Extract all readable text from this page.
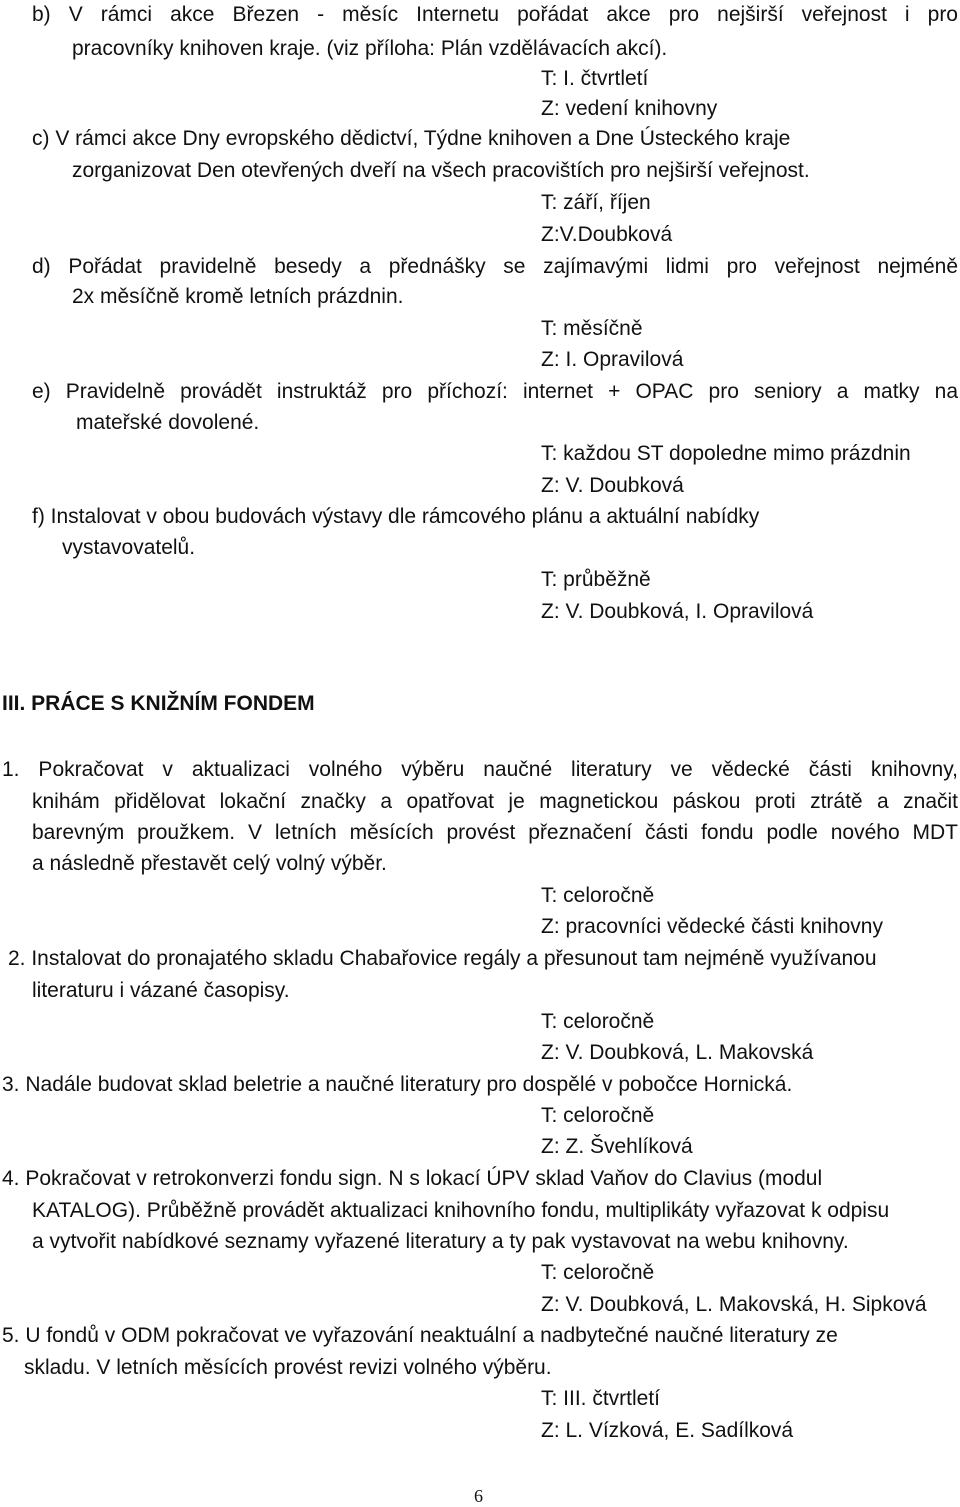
b) V rámci akce Březen - měsíc Internetu pořádat akce pro nejširší veřejnost i pro
pracovníky knihoven kraje. (viz příloha: Plán vzdělávacích akcí).
T: I. čtvrtletí
Z: vedení knihovny
c) V rámci akce Dny evropského dědictví, Týdne knihoven a Dne Ústeckého kraje
zorganizovat Den otevřených dveří na všech pracovištích pro nejširší veřejnost.
T: září, říjen
Z:V.Doubková
d) Pořádat pravidelně besedy a přednášky se zajímavými lidmi pro veřejnost nejméně
2x měsíčně kromě letních prázdnin.
T: měsíčně
Z: I. Opravilová
e) Pravidelně provádět instruktáž pro příchozí: internet + OPAC pro seniory a matky na
mateřské dovolené.
T: každou ST dopoledne mimo prázdnin
Z: V. Doubková
f) Instalovat v obou budovách výstavy dle rámcového plánu a aktuální nabídky
vystavovatelů.
T: průběžně
Z: V. Doubková, I. Opravilová
III. PRÁCE S KNIŽNÍM FONDEM
1. Pokračovat v aktualizaci volného výběru naučné literatury ve vědecké části knihovny,
knihám přidělovat lokační značky a opatřovat je magnetickou páskou proti ztrátě a značit
barevným proužkem. V letních měsících provést přeznačení části fondu podle nového MDT
a následně přestavět celý volný výběr.
T: celoročně
Z: pracovníci vědecké části knihovny
2. Instalovat do pronajatého skladu Chabařovice regály a přesunout tam nejméně využívanou
literaturu i vázané časopisy.
T: celoročně
Z: V. Doubková, L. Makovská
3. Nadále budovat sklad beletrie a naučné literatury pro dospělé v pobočce Hornická.
T: celoročně
Z: Z. Švehlíková
4. Pokračovat v retrokonverzi fondu sign. N s lokací ÚPV sklad Vaňov do Clavius (modul
KATALOG). Průběžně provádět aktualizaci knihovního fondu, multiplikáty vyřazovat k odpisu
a vytvořit nabídkové seznamy vyřazené literatury a ty pak vystavovat na webu knihovny.
T: celoročně
Z: V. Doubková, L. Makovská, H. Sipková
5. U fondů v ODM pokračovat ve vyřazování neaktuální a nadbytečné naučné literatury ze
skladu. V letních měsících provést revizi volného výběru.
T: III. čtvrtletí
Z: L. Vízková, E. Sadílková
6
